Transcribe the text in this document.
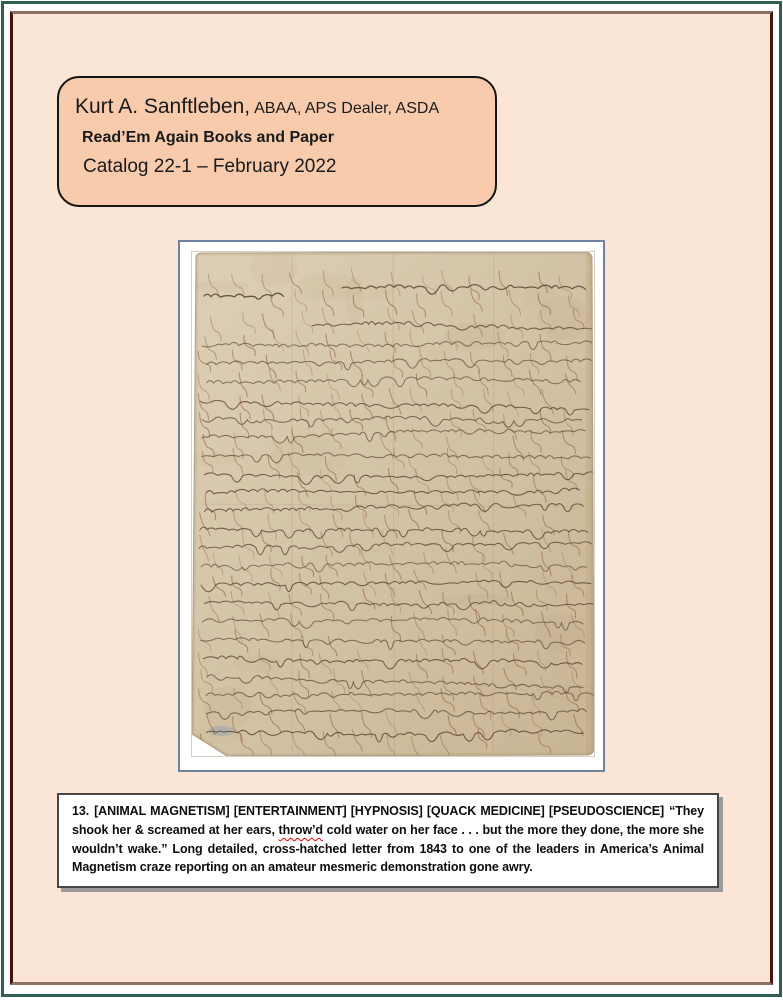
Kurt A. Sanftleben, ABAA, APS Dealer, ASDA
Read’Em Again Books and Paper
Catalog 22-1 – February 2022

13. [ANIMAL MAGNETISM] [ENTERTAINMENT] [HYPNOSIS] [QUACK MEDICINE] [PSEUDOSCIENCE] “They shook her & screamed at her ears, throw’d cold water on her face . . . but the more they done, the more she wouldn’t wake.” Long detailed, cross-hatched letter from 1843 to one of the leaders in America’s Animal Magnetism craze reporting on an amateur mesmeric demonstration gone awry.
